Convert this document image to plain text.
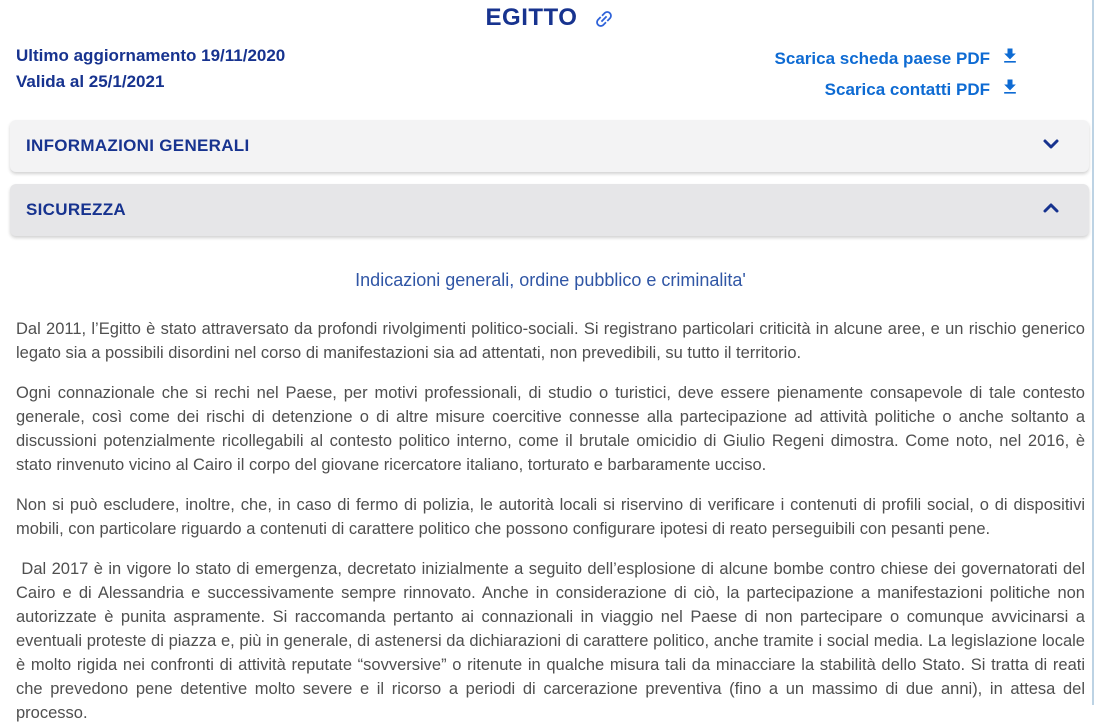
EGITTO
Ultimo aggiornamento 19/11/2020
Valida al 25/1/2021
Scarica scheda paese PDF
Scarica contatti PDF
INFORMAZIONI GENERALI
SICUREZZA
Indicazioni generali, ordine pubblico e criminalita'

Dal 2011, l’Egitto è stato attraversato da profondi rivolgimenti politico-sociali. Si registrano particolari criticità in alcune aree, e un rischio generico legato sia a possibili disordini nel corso di manifestazioni sia ad attentati, non prevedibili, su tutto il territorio.

Ogni connazionale che si rechi nel Paese, per motivi professionali, di studio o turistici, deve essere pienamente consapevole di tale contesto generale, così come dei rischi di detenzione o di altre misure coercitive connesse alla partecipazione ad attività politiche o anche soltanto a discussioni potenzialmente ricollegabili al contesto politico interno, come il brutale omicidio di Giulio Regeni dimostra. Come noto, nel 2016, è stato rinvenuto vicino al Cairo il corpo del giovane ricercatore italiano, torturato e barbaramente ucciso.

Non si può escludere, inoltre, che, in caso di fermo di polizia, le autorità locali si riservino di verificare i contenuti di profili social, o di dispositivi mobili, con particolare riguardo a contenuti di carattere politico che possono configurare ipotesi di reato perseguibili con pesanti pene.

Dal 2017 è in vigore lo stato di emergenza, decretato inizialmente a seguito dell’esplosione di alcune bombe contro chiese dei governatorati del Cairo e di Alessandria e successivamente sempre rinnovato. Anche in considerazione di ciò, la partecipazione a manifestazioni politiche non autorizzate è punita aspramente. Si raccomanda pertanto ai connazionali in viaggio nel Paese di non partecipare o comunque avvicinarsi a eventuali proteste di piazza e, più in generale, di astenersi da dichiarazioni di carattere politico, anche tramite i social media. La legislazione locale è molto rigida nei confronti di attività reputate “sovversive” o ritenute in qualche misura tali da minacciare la stabilità dello Stato. Si tratta di reati che prevedono pene detentive molto severe e il ricorso a periodi di carcerazione preventiva (fino a un massimo di due anni), in attesa del processo.
